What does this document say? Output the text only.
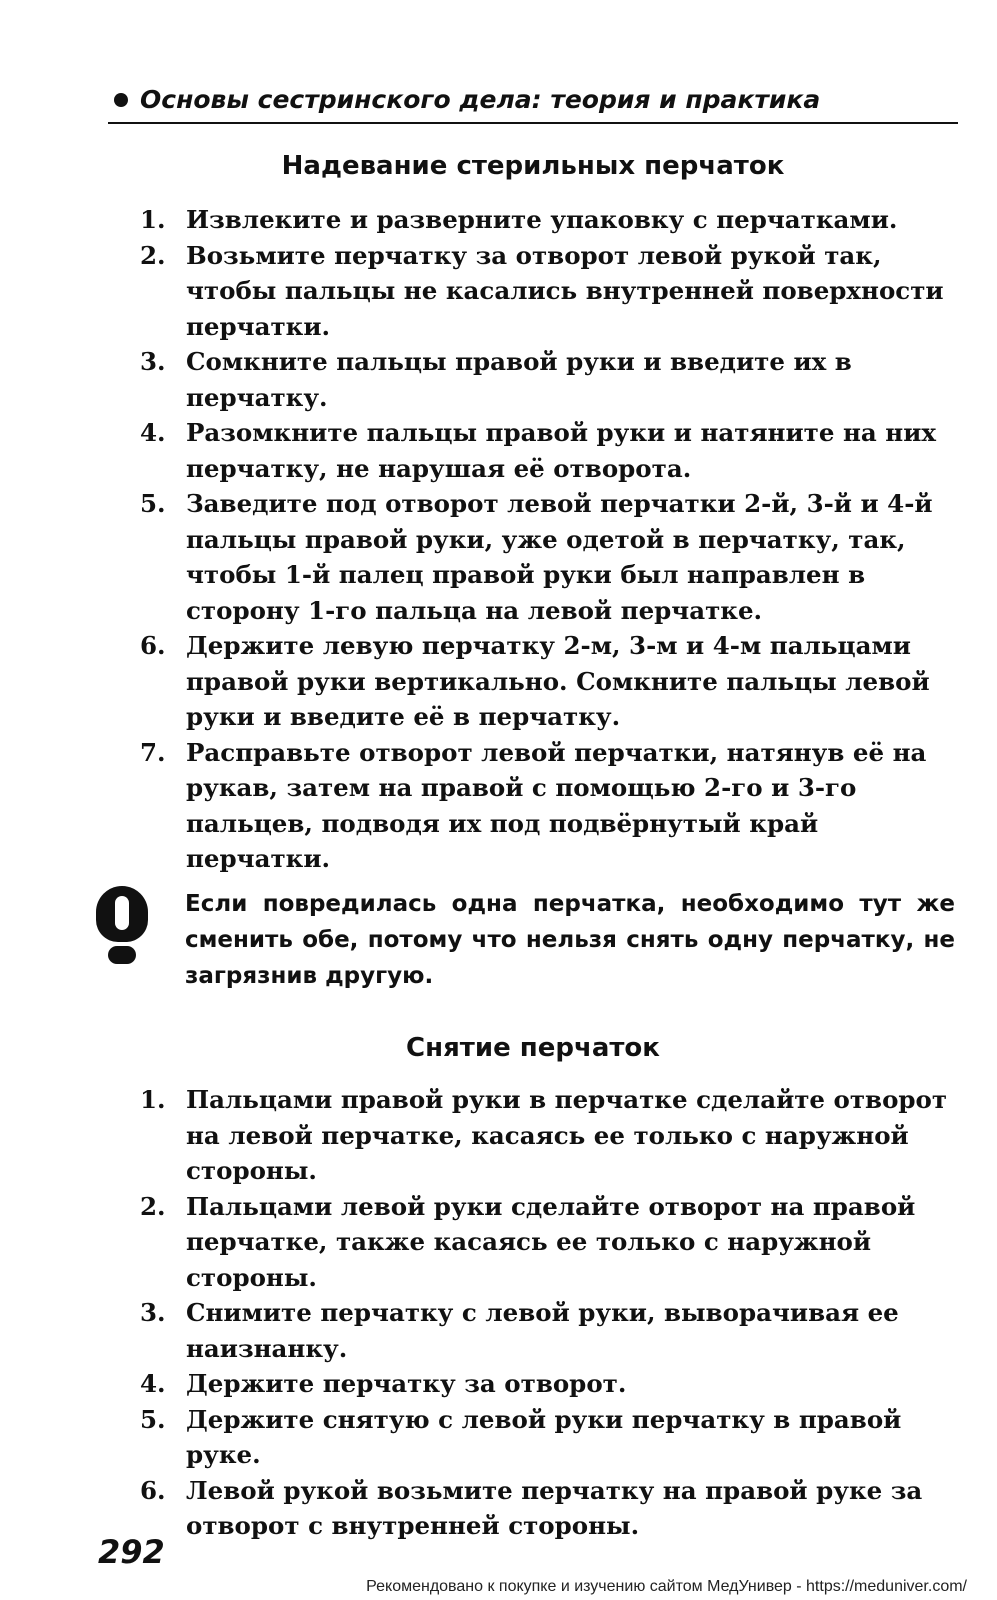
Основы сестринского дела: теория и практика
Надевание стерильных перчаток
1. Извлеките и разверните упаковку с перчатками.
2. Возьмите перчатку за отворот левой рукой так, чтобы пальцы не касались внутренней поверхности перчатки.
3. Сомкните пальцы правой руки и введите их в перчатку.
4. Разомкните пальцы правой руки и натяните на них перчатку, не нарушая её отворота.
5. Заведите под отворот левой перчатки 2-й, 3-й и 4-й пальцы правой руки, уже одетой в перчатку, так, чтобы 1-й палец правой руки был направлен в сторону 1-го пальца на левой перчатке.
6. Держите левую перчатку 2-м, 3-м и 4-м пальцами правой руки вертикально. Сомкните пальцы левой руки и введите её в перчатку.
7. Расправьте отворот левой перчатки, натянув её на рукав, затем на правой с помощью 2-го и 3-го пальцев, подводя их под подвёрнутый край перчатки.
Если повредилась одна перчатка, необходимо тут же сменить обе, потому что нельзя снять одну перчатку, не загрязнив другую.
Снятие перчаток
1. Пальцами правой руки в перчатке сделайте отворот на левой перчатке, касаясь ее только с наружной стороны.
2. Пальцами левой руки сделайте отворот на правой перчатке, также касаясь ее только с наружной стороны.
3. Снимите перчатку с левой руки, выворачивая ее наизнанку.
4. Держите перчатку за отворот.
5. Держите снятую с левой руки перчатку в правой руке.
6. Левой рукой возьмите перчатку на правой руке за отворот с внутренней стороны.
292
Рекомендовано к покупке и изучению сайтом МедУнивер - https://meduniver.com/
